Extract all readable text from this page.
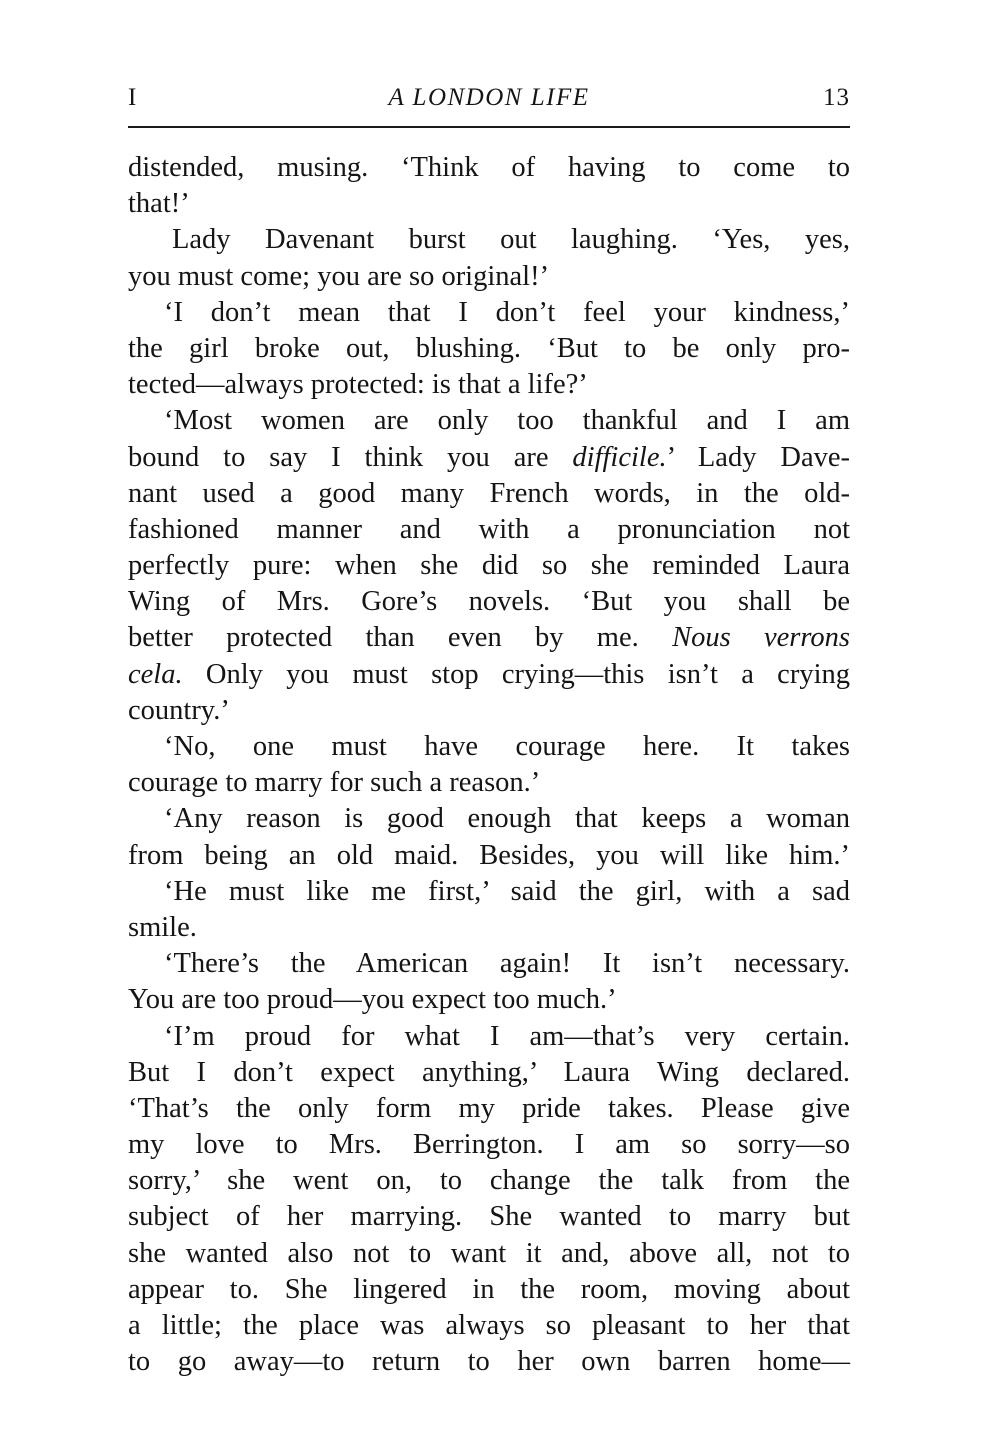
I	A LONDON LIFE	13
distended, musing. ‘Think of having to come to
that!’
Lady Davenant burst out laughing. ‘Yes, yes,
you must come; you are so original!’
‘I don’t mean that I don’t feel your kindness,’
the girl broke out, blushing. ‘But to be only pro-
tected—always protected: is that a life?’
‘Most women are only too thankful and I am
bound to say I think you are difficile.’ Lady Dave-
nant used a good many French words, in the old-
fashioned manner and with a pronunciation not
perfectly pure: when she did so she reminded Laura
Wing of Mrs. Gore’s novels. ‘But you shall be
better protected than even by me. Nous verrons
cela. Only you must stop crying—this isn’t a crying
country.’
‘No, one must have courage here. It takes
courage to marry for such a reason.’
‘Any reason is good enough that keeps a woman
from being an old maid. Besides, you will like him.’
‘He must like me first,’ said the girl, with a sad
smile.
‘There’s the American again! It isn’t necessary.
You are too proud—you expect too much.’
‘I’m proud for what I am—that’s very certain.
But I don’t expect anything,’ Laura Wing declared.
‘That’s the only form my pride takes. Please give
my love to Mrs. Berrington. I am so sorry—so
sorry,’ she went on, to change the talk from the
subject of her marrying. She wanted to marry but
she wanted also not to want it and, above all, not to
appear to. She lingered in the room, moving about
a little; the place was always so pleasant to her that
to go away—to return to her own barren home—
